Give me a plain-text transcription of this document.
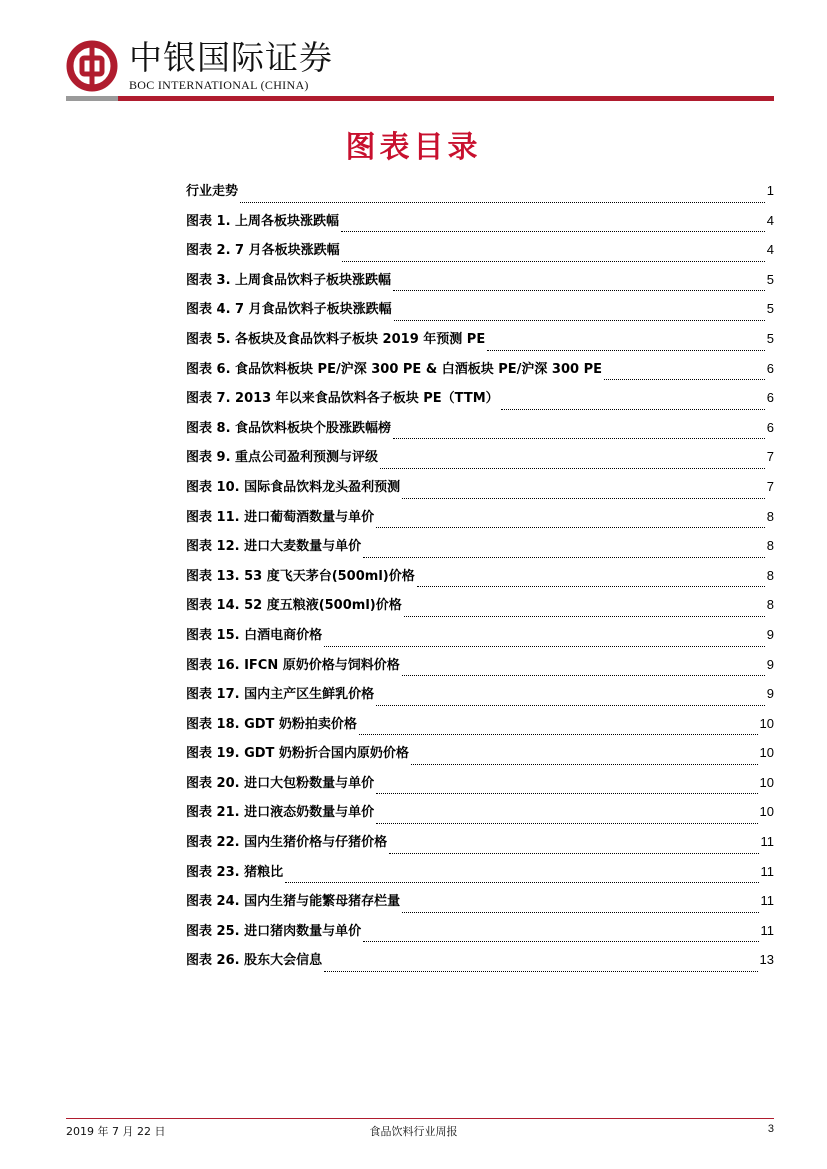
中银国际证券
BOC INTERNATIONAL (CHINA)
图表目录
行业走势	1
图表 1. 上周各板块涨跌幅	4
图表 2. 7 月各板块涨跌幅	4
图表 3. 上周食品饮料子板块涨跌幅	5
图表 4. 7 月食品饮料子板块涨跌幅	5
图表 5. 各板块及食品饮料子板块 2019 年预测 PE	5
图表 6. 食品饮料板块 PE/沪深 300 PE & 白酒板块 PE/沪深 300 PE	6
图表 7. 2013 年以来食品饮料各子板块 PE（TTM）	6
图表 8. 食品饮料板块个股涨跌幅榜	6
图表 9. 重点公司盈利预测与评级	7
图表 10. 国际食品饮料龙头盈利预测	7
图表 11. 进口葡萄酒数量与单价	8
图表 12. 进口大麦数量与单价	8
图表 13. 53 度飞天茅台(500ml)价格	8
图表 14. 52 度五粮液(500ml)价格	8
图表 15. 白酒电商价格	9
图表 16. IFCN 原奶价格与饲料价格	9
图表 17. 国内主产区生鲜乳价格	9
图表 18. GDT 奶粉拍卖价格	10
图表 19. GDT 奶粉折合国内原奶价格	10
图表 20. 进口大包粉数量与单价	10
图表 21. 进口液态奶数量与单价	10
图表 22. 国内生猪价格与仔猪价格	11
图表 23. 猪粮比	11
图表 24. 国内生猪与能繁母猪存栏量	11
图表 25. 进口猪肉数量与单价	11
图表 26. 股东大会信息	13
2019 年 7 月 22 日	食品饮料行业周报	3
